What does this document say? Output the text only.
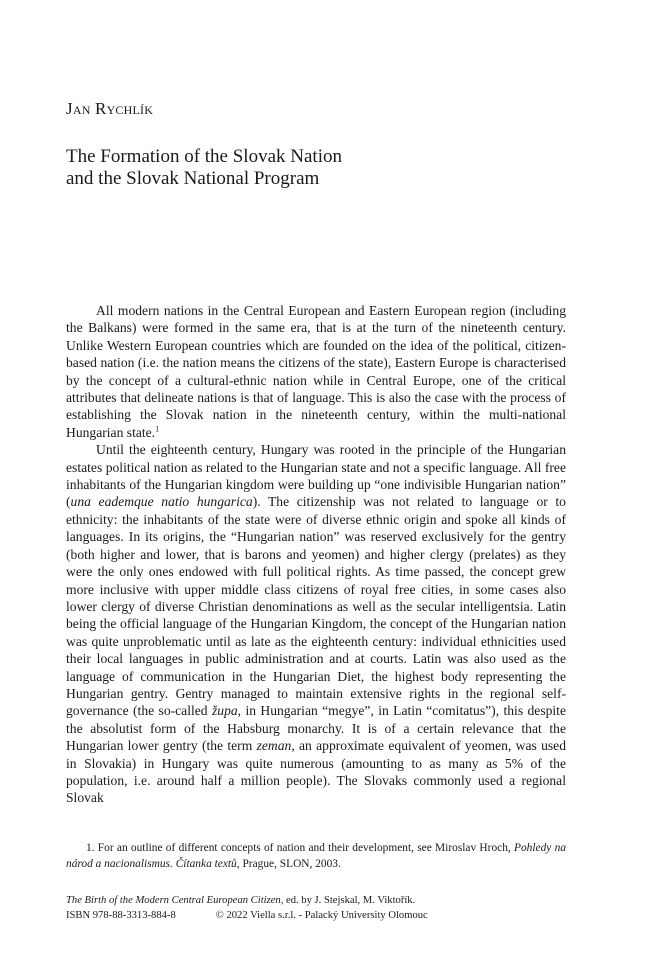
Jan Rychlík
The Formation of the Slovak Nation
and the Slovak National Program

All modern nations in the Central European and Eastern European region (including the Balkans) were formed in the same era, that is at the turn of the nineteenth century. Unlike Western European countries which are founded on the idea of the political, citizen-based nation (i.e. the nation means the citizens of the state), Eastern Europe is characterised by the concept of a cultural-ethnic nation while in Central Europe, one of the critical attributes that delineate nations is that of language. This is also the case with the process of establishing the Slovak nation in the nineteenth century, within the multi-national Hungarian state.$^1$

Until the eighteenth century, Hungary was rooted in the principle of the Hungarian estates political nation as related to the Hungarian state and not a specific language. All free inhabitants of the Hungarian kingdom were building up “one indivisible Hungarian nation” (una eademque natio hungarica). The citizenship was not related to language or to ethnicity: the inhabitants of the state were of diverse ethnic origin and spoke all kinds of languages. In its origins, the “Hungarian nation” was reserved exclusively for the gentry (both higher and lower, that is barons and yeomen) and higher clergy (prelates) as they were the only ones endowed with full political rights. As time passed, the concept grew more inclusive with upper middle class citizens of royal free cities, in some cases also lower clergy of diverse Christian denominations as well as the secular intelligentsia. Latin being the official language of the Hungarian Kingdom, the concept of the Hungarian nation was quite unproblematic until as late as the eighteenth century: individual ethnicities used their local languages in public administration and at courts. Latin was also used as the language of communication in the Hungarian Diet, the highest body representing the Hungarian gentry. Gentry managed to maintain extensive rights in the regional self-governance (the so-called župa, in Hungarian “megye”, in Latin “comitatus”), this despite the absolutist form of the Habsburg monarchy. It is of a certain relevance that the Hungarian lower gentry (the term zeman, an approximate equivalent of yeomen, was used in Slovakia) in Hungary was quite numerous (amounting to as many as 5% of the population, i.e. around half a million people). The Slovaks commonly used a regional Slovak

1. For an outline of different concepts of nation and their development, see Miroslav Hroch, Pohledy na národ a nacionalismus. Čítanka textů, Prague, SLON, 2003.
The Birth of the Modern Central European Citizen, ed. by J. Stejskal, M. Viktořík.
ISBN 978-88-3313-884-8	© 2022 Viella s.r.l. - Palacký University Olomouc
